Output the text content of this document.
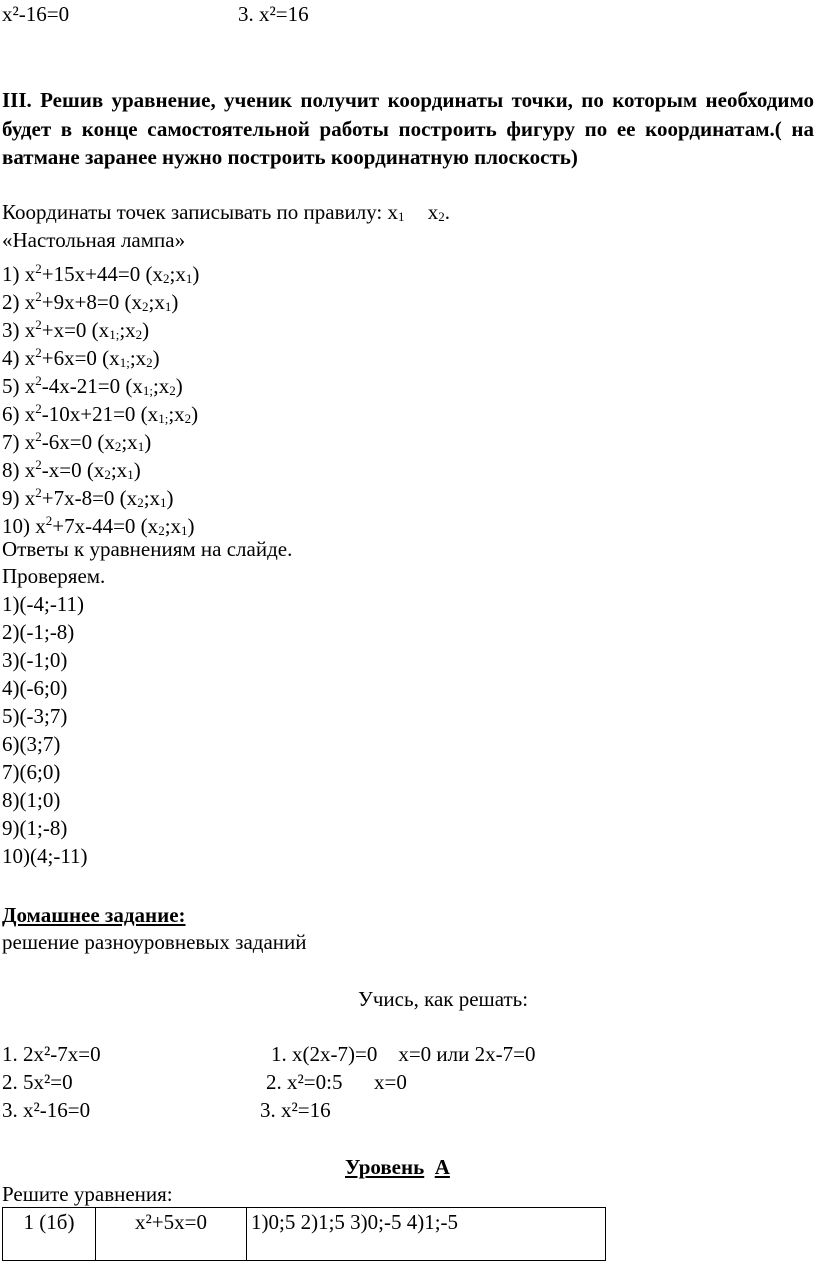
x²-16=0	3. x²=16
III. Решив уравнение, ученик получит координаты точки, по которым необходимо будет в конце самостоятельной работы построить фигуру по ее координатам.( на ватмане заранее нужно построить координатную плоскость)
Координаты точек записывать по правилу: $x_1$ $x_2$.
«Настольная лампа»
1) $x^2+15x+44=0$ $(x_2;x_1)$
2) $x^2+9x+8=0$ $(x_2;x_1)$
3) $x^2+x=0$ $(x_{1;};x_2)$
4) $x^2+6x=0$ $(x_{1;};x_2)$
5) $x^2-4x-21=0$ $(x_{1;};x_2)$
6) $x^2-10x+21=0$ $(x_{1;};x_2)$
7) $x^2-6x=0$ $(x_2;x_1)$
8) $x^2-x=0$ $(x_2;x_1)$
9) $x^2+7x-8=0$ $(x_2;x_1)$
10) $x^2+7x-44=0$ $(x_2;x_1)$
Ответы к уравнениям на слайде.
Проверяем.
1)(-4;-11)
2)(-1;-8)
3)(-1;0)
4)(-6;0)
5)(-3;7)
6)(3;7)
7)(6;0)
8)(1;0)
9)(1;-8)
10)(4;-11)
Домашнее задание:
решение разноуровневых заданий
Учись, как решать:
1. 2x²-7x=0	1. x(2x-7)=0    x=0 или 2x-7=0
2. 5x²=0	2. x²=0:5      x=0
3. x²-16=0	3. x²=16
Уровень А
Решите уравнения:
1 (1б)	x²+5x=0	1)0;5 2)1;5 3)0;-5 4)1;-5
